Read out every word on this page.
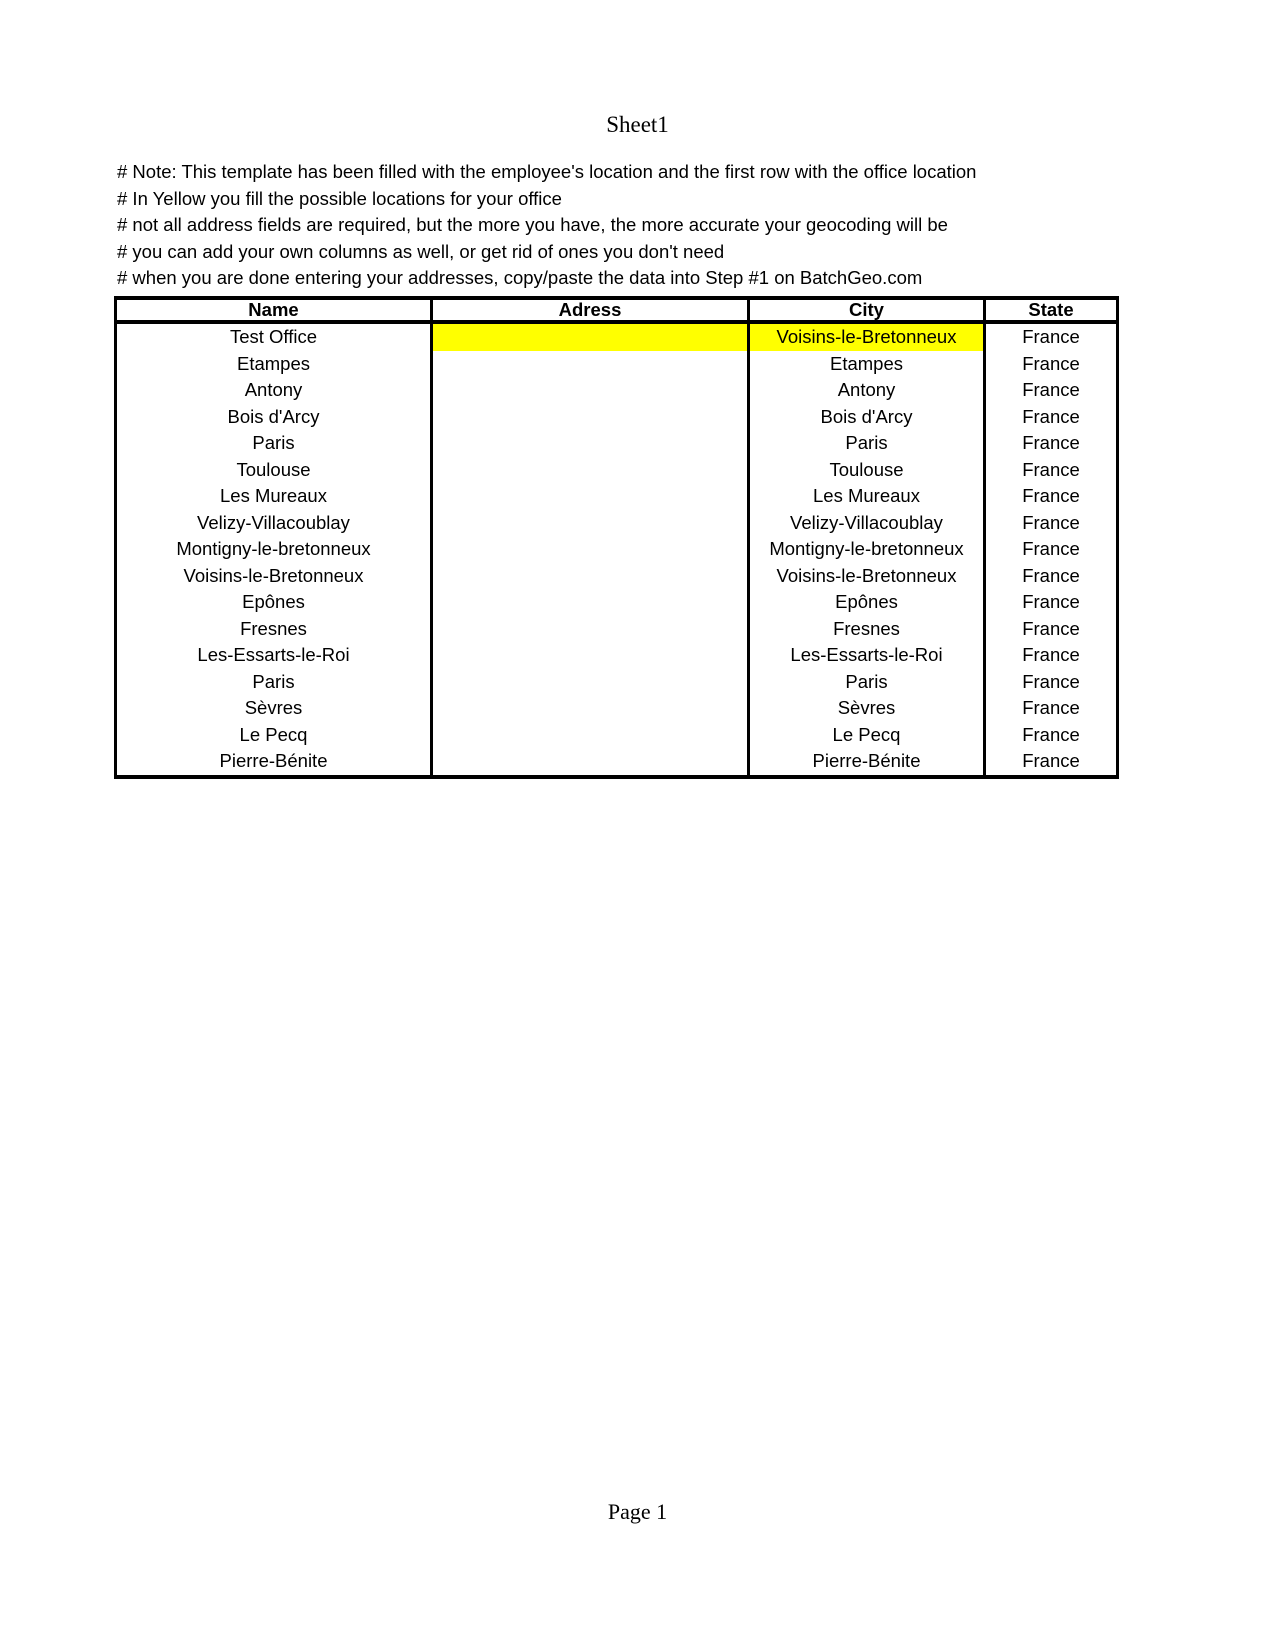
Sheet1
# Note: This template has been filled with the employee's location and the first row with the office location
# In Yellow you fill the possible locations for your office
# not all address fields are required, but the more you have, the more accurate your geocoding will be
# you can add your own columns as well, or get rid of ones you don't need
# when you are done entering your addresses, copy/paste the data into Step #1 on BatchGeo.com
Name	Adress	City	State
Test Office		Voisins-le-Bretonneux	France
Etampes		Etampes	France
Antony		Antony	France
Bois d'Arcy		Bois d'Arcy	France
Paris		Paris	France
Toulouse		Toulouse	France
Les Mureaux		Les Mureaux	France
Velizy-Villacoublay		Velizy-Villacoublay	France
Montigny-le-bretonneux		Montigny-le-bretonneux	France
Voisins-le-Bretonneux		Voisins-le-Bretonneux	France
Epônes		Epônes	France
Fresnes		Fresnes	France
Les-Essarts-le-Roi		Les-Essarts-le-Roi	France
Paris		Paris	France
Sèvres		Sèvres	France
Le Pecq		Le Pecq	France
Pierre-Bénite		Pierre-Bénite	France
Page 1
